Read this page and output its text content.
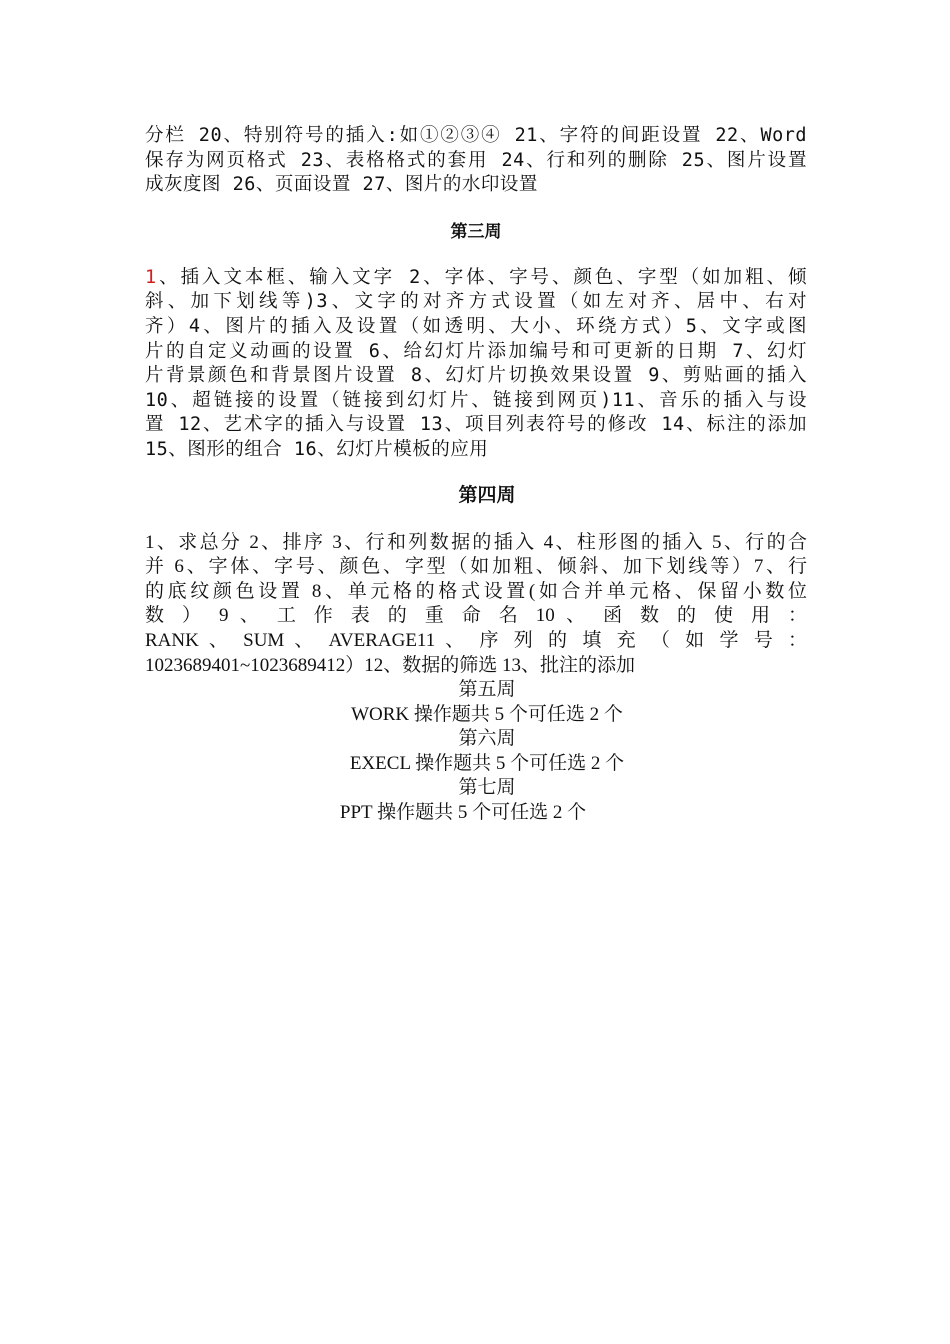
分栏 20、特别符号的插入:如①②③④ 21、字符的间距设置 22、Word
保存为网页格式 23、表格格式的套用 24、行和列的删除 25、图片设置
成灰度图 26、页面设置 27、图片的水印设置

第三周

1、插入文本框、输入文字 2、字体、字号、颜色、字型（如加粗、倾
斜、加下划线等)3、文字的对齐方式设置（如左对齐、居中、右对
齐）4、图片的插入及设置（如透明、大小、环绕方式）5、文字或图
片的自定义动画的设置 6、给幻灯片添加编号和可更新的日期 7、幻灯
片背景颜色和背景图片设置 8、幻灯片切换效果设置 9、剪贴画的插入
10、超链接的设置（链接到幻灯片、链接到网页)11、音乐的插入与设
置 12、艺术字的插入与设置 13、项目列表符号的修改 14、标注的添加
15、图形的组合 16、幻灯片模板的应用

第四周

1、求总分 2、排序 3、行和列数据的插入 4、柱形图的插入 5、行的合
并 6、字体、字号、颜色、字型（如加粗、倾斜、加下划线等）7、行
的底纹颜色设置 8、单元格的格式设置(如合并单元格、保留小数位
数 ） 9 、 工 作 表 的 重 命 名 10 、 函 数 的 使 用 ：
RANK 、 SUM 、 AVERAGE11 、 序 列 的 填 充 （ 如 学 号 ：
1023689401~1023689412）12、数据的筛选 13、批注的添加

第五周

WORK 操作题共 5 个可任选 2 个

第六周

EXECL 操作题共 5 个可任选 2 个

第七周

PPT 操作题共 5 个可任选 2 个
